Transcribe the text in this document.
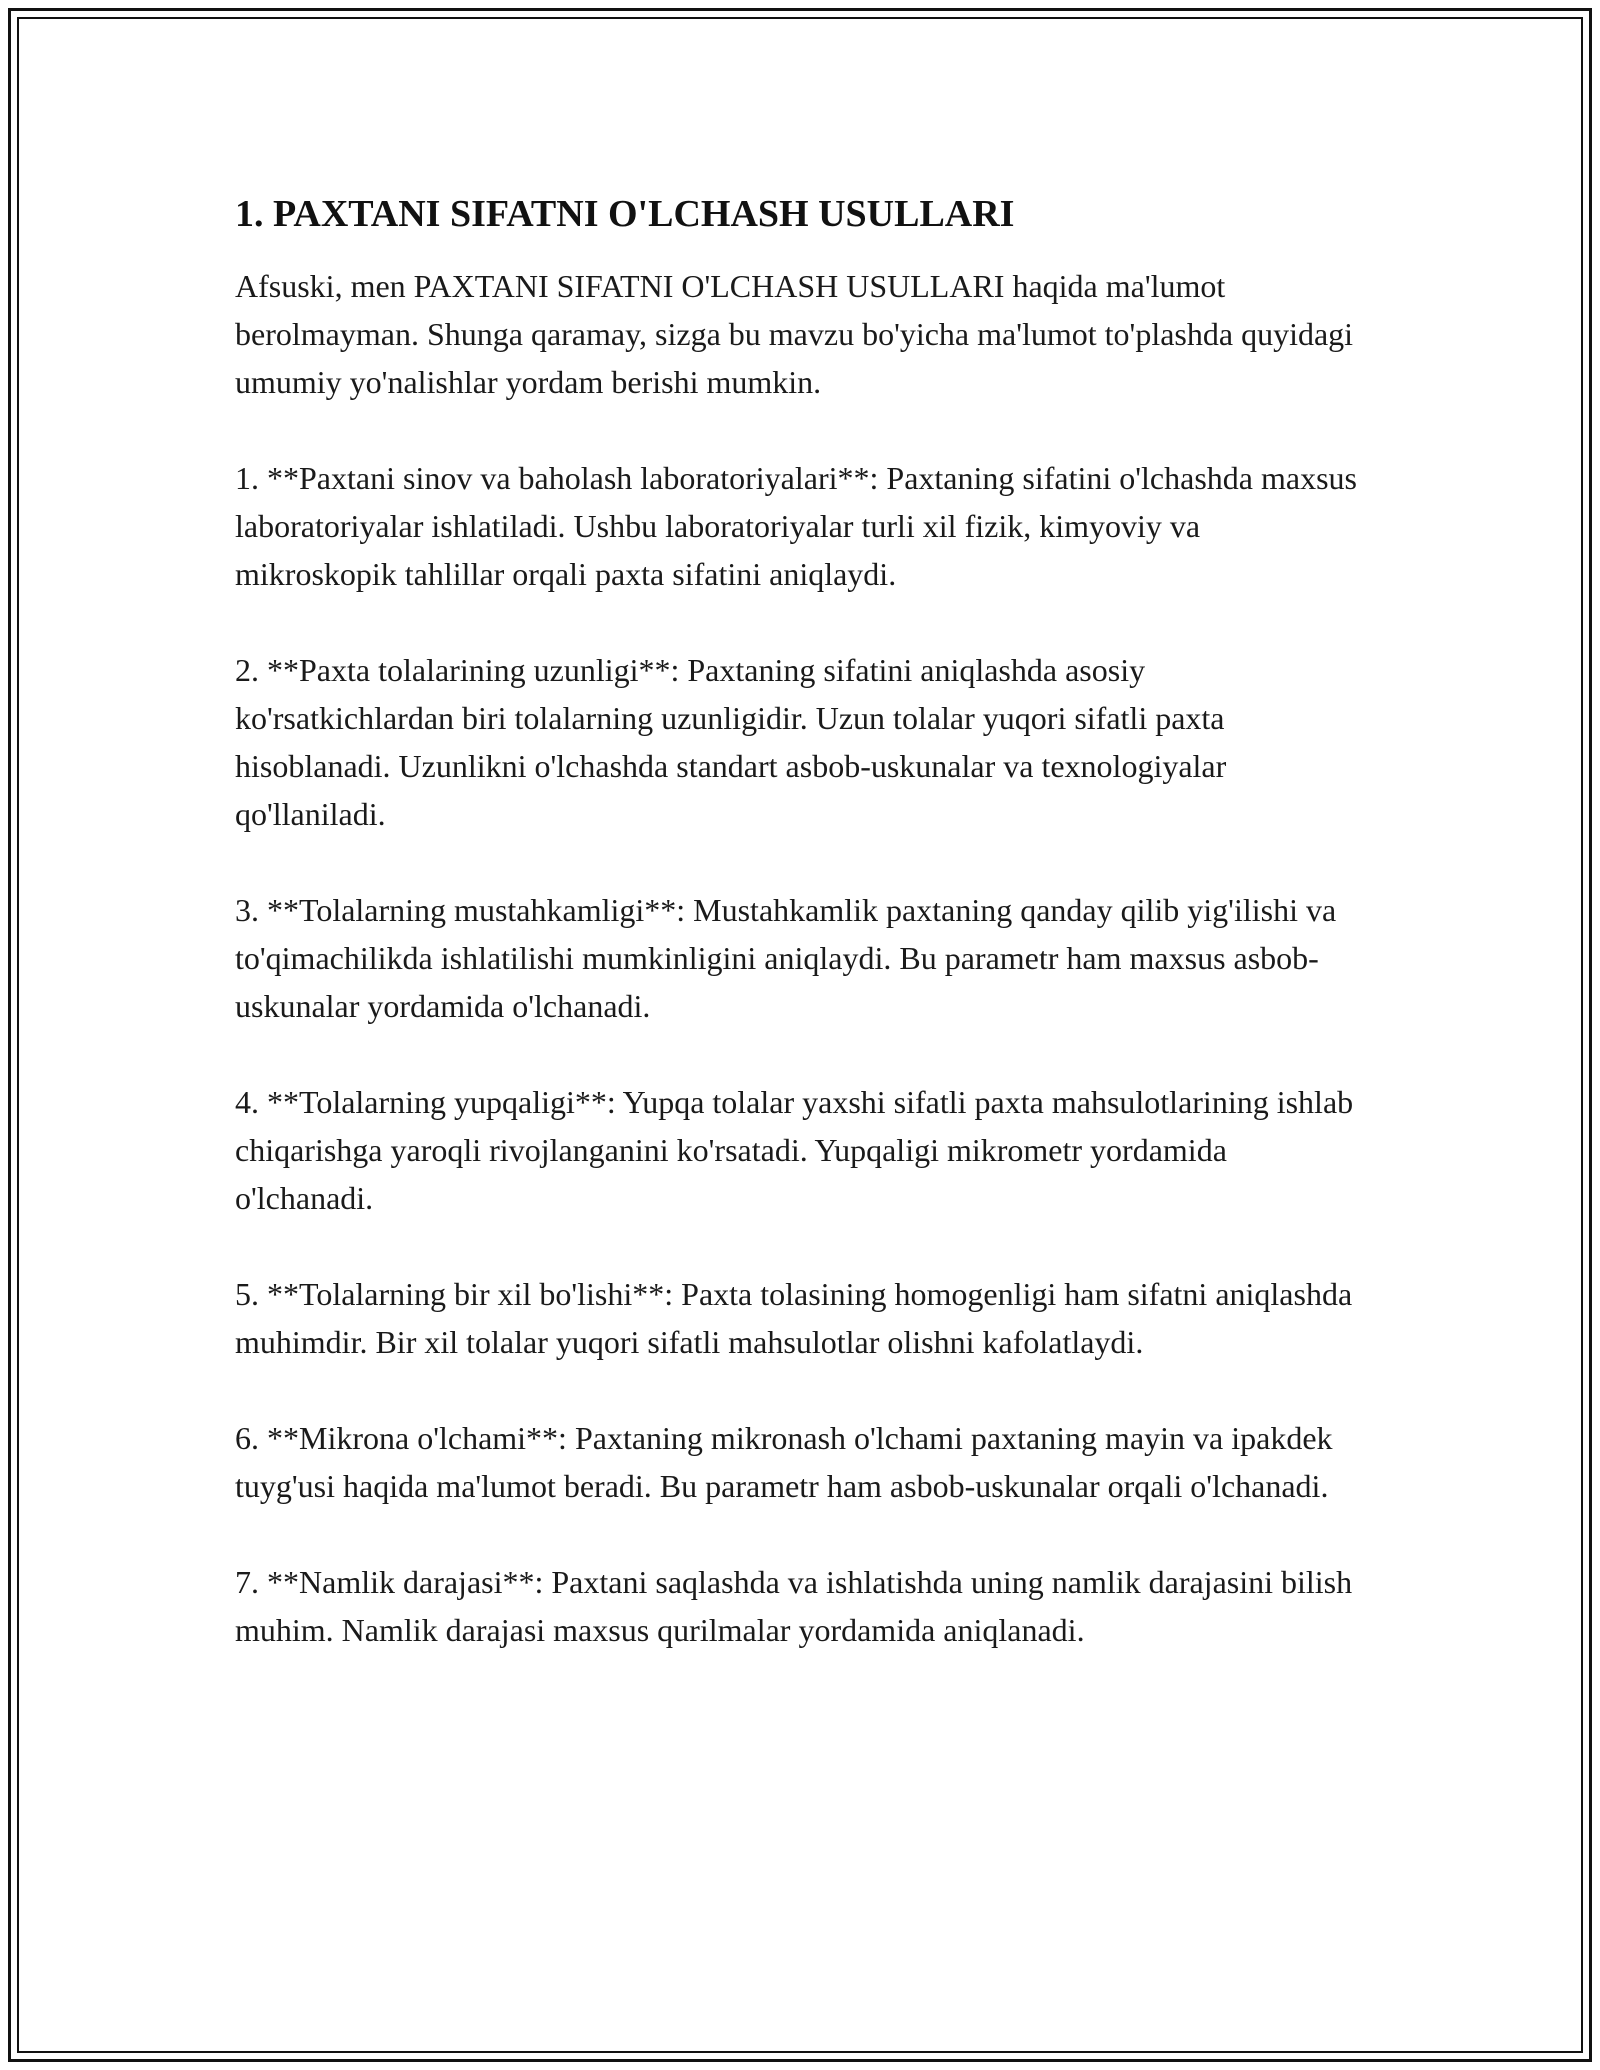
1. PAXTANI SIFATNI O'LCHASH USULLARI

Afsuski, men PAXTANI SIFATNI O'LCHASH USULLARI haqida ma'lumot berolmayman. Shunga qaramay, sizga bu mavzu bo'yicha ma'lumot to'plashda quyidagi umumiy yo'nalishlar yordam berishi mumkin.

1. **Paxtani sinov va baholash laboratoriyalari**: Paxtaning sifatini o'lchashda maxsus laboratoriyalar ishlatiladi. Ushbu laboratoriyalar turli xil fizik, kimyoviy va mikroskopik tahlillar orqali paxta sifatini aniqlaydi.

2. **Paxta tolalarining uzunligi**: Paxtaning sifatini aniqlashda asosiy ko'rsatkichlardan biri tolalarning uzunligidir. Uzun tolalar yuqori sifatli paxta hisoblanadi. Uzunlikni o'lchashda standart asbob-uskunalar va texnologiyalar qo'llaniladi.

3. **Tolalarning mustahkamligi**: Mustahkamlik paxtaning qanday qilib yig'ilishi va to'qimachilikda ishlatilishi mumkinligini aniqlaydi. Bu parametr ham maxsus asbob-uskunalar yordamida o'lchanadi.

4. **Tolalarning yupqaligi**: Yupqa tolalar yaxshi sifatli paxta mahsulotlarining ishlab chiqarishga yaroqli rivojlanganini ko'rsatadi. Yupqaligi mikrometr yordamida o'lchanadi.

5. **Tolalarning bir xil bo'lishi**: Paxta tolasining homogenligi ham sifatni aniqlashda muhimdir. Bir xil tolalar yuqori sifatli mahsulotlar olishni kafolatlaydi.

6. **Mikrona o'lchami**: Paxtaning mikronash o'lchami paxtaning mayin va ipakdek tuyg'usi haqida ma'lumot beradi. Bu parametr ham asbob-uskunalar orqali o'lchanadi.

7. **Namlik darajasi**: Paxtani saqlashda va ishlatishda uning namlik darajasini bilish muhim. Namlik darajasi maxsus qurilmalar yordamida aniqlanadi.
